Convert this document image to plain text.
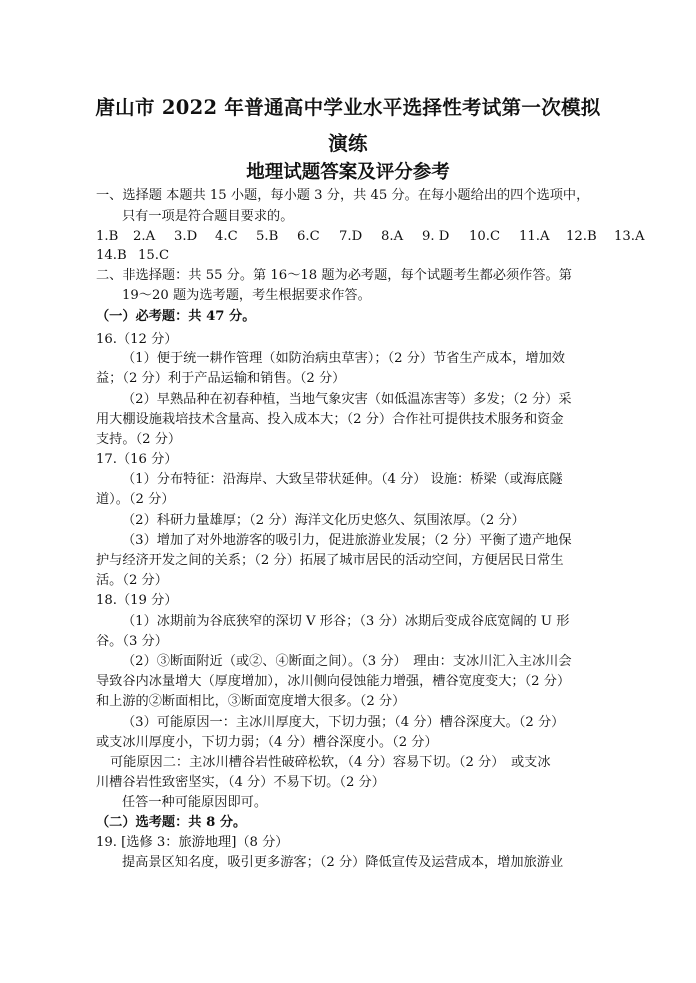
唐山市 2022 年普通高中学业水平选择性考试第一次模拟
演练
地理试题答案及评分参考
一、选择题 本题共 15 小题，每小题 3 分，共 45 分。在每小题给出的四个选项中，
只有一项是符合题目要求的。
1.B 2.A 3.D 4.C 5.B 6.C 7.D 8.A 9. D 10.C 11.A 12.B 13.A
14.B 15.C
二、非选择题：共 55 分。第 16～18 题为必考题，每个试题考生都必须作答。第
19～20 题为选考题，考生根据要求作答。
（一）必考题：共 47 分。
16.（12 分）
（1）便于统一耕作管理（如防治病虫草害）；（2 分）节省生产成本，增加效
益；（2 分）利于产品运输和销售。（2 分）
（2）早熟品种在初春种植，当地气象灾害（如低温冻害等）多发；（2 分）采
用大棚设施栽培技术含量高、投入成本大；（2 分）合作社可提供技术服务和资金
支持。（2 分）
17.（16 分）
（1）分布特征：沿海岸、大致呈带状延伸。（4 分） 设施：桥梁（或海底隧
道）。（2 分）
（2）科研力量雄厚；（2 分）海洋文化历史悠久、氛围浓厚。（2 分）
（3）增加了对外地游客的吸引力，促进旅游业发展；（2 分）平衡了遗产地保
护与经济开发之间的关系；（2 分）拓展了城市居民的活动空间，方便居民日常生
活。（2 分）
18.（19 分）
（1）冰期前为谷底狭窄的深切 V 形谷；（3 分）冰期后变成谷底宽阔的 U 形
谷。（3 分）
（2）③断面附近（或②、④断面之间）。（3 分）　理由：支冰川汇入主冰川会
导致谷内冰量增大（厚度增加），冰川侧向侵蚀能力增强，槽谷宽度变大；（2 分）
和上游的②断面相比，③断面宽度增大很多。（2 分）
（3）可能原因一：主冰川厚度大，下切力强；（4 分）槽谷深度大。（2 分）
或支冰川厚度小，下切力弱；（4 分）槽谷深度小。（2 分）
可能原因二：主冰川槽谷岩性破碎松软，（4 分）容易下切。（2 分）　或支冰
川槽谷岩性致密坚实，（4 分）不易下切。（2 分）
任答一种可能原因即可。
（二）选考题：共 8 分。
19. [选修 3：旅游地理]（8 分）
提高景区知名度，吸引更多游客；（2 分）降低宣传及运营成本，增加旅游业
